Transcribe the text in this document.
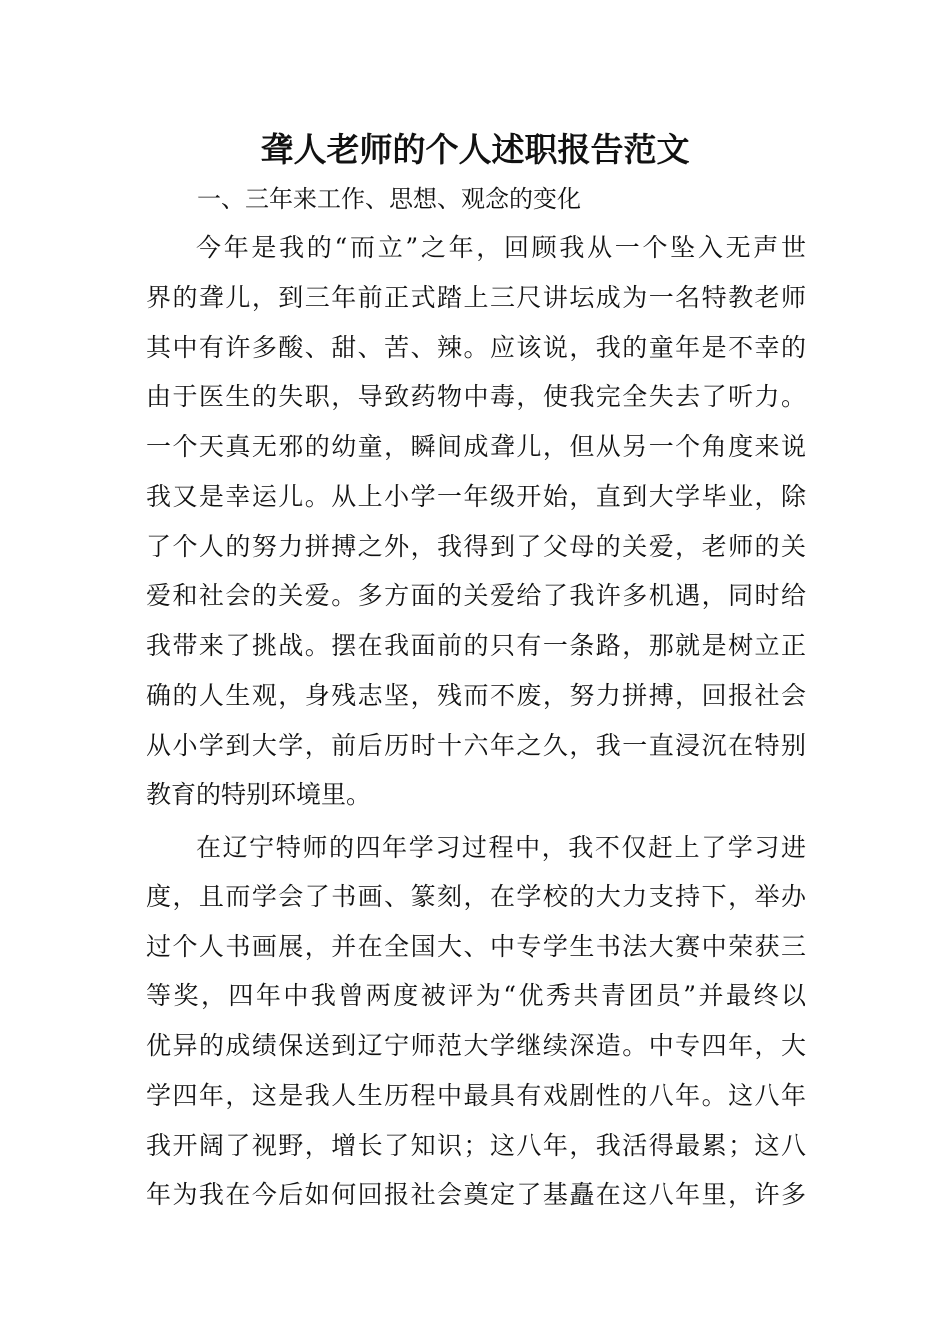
聋人老师的个人述职报告范文

一、三年来工作、思想、观念的变化

今年是我的“而立”之年，回顾我从一个坠入无声世

界的聋儿，到三年前正式踏上三尺讲坛成为一名特教老师

其中有许多酸、甜、苦、辣。应该说，我的童年是不幸的

由于医生的失职，导致药物中毒，使我完全失去了听力。

一个天真无邪的幼童，瞬间成聋儿，但从另一个角度来说

我又是幸运儿。从上小学一年级开始，直到大学毕业，除

了个人的努力拼搏之外，我得到了父母的关爱，老师的关

爱和社会的关爱。多方面的关爱给了我许多机遇，同时给

我带来了挑战。摆在我面前的只有一条路，那就是树立正

确的人生观，身残志坚，残而不废，努力拼搏，回报社会

从小学到大学，前后历时十六年之久，我一直浸沉在特别

教育的特别环境里。

在辽宁特师的四年学习过程中，我不仅赶上了学习进

度，且而学会了书画、篆刻，在学校的大力支持下，举办

过个人书画展，并在全国大、中专学生书法大赛中荣获三

等奖，四年中我曾两度被评为“优秀共青团员”并最终以

优异的成绩保送到辽宁师范大学继续深造。中专四年，大

学四年，这是我人生历程中最具有戏剧性的八年。这八年

我开阔了视野，增长了知识；这八年，我活得最累；这八

年为我在今后如何回报社会奠定了基矗在这八年里，许多
